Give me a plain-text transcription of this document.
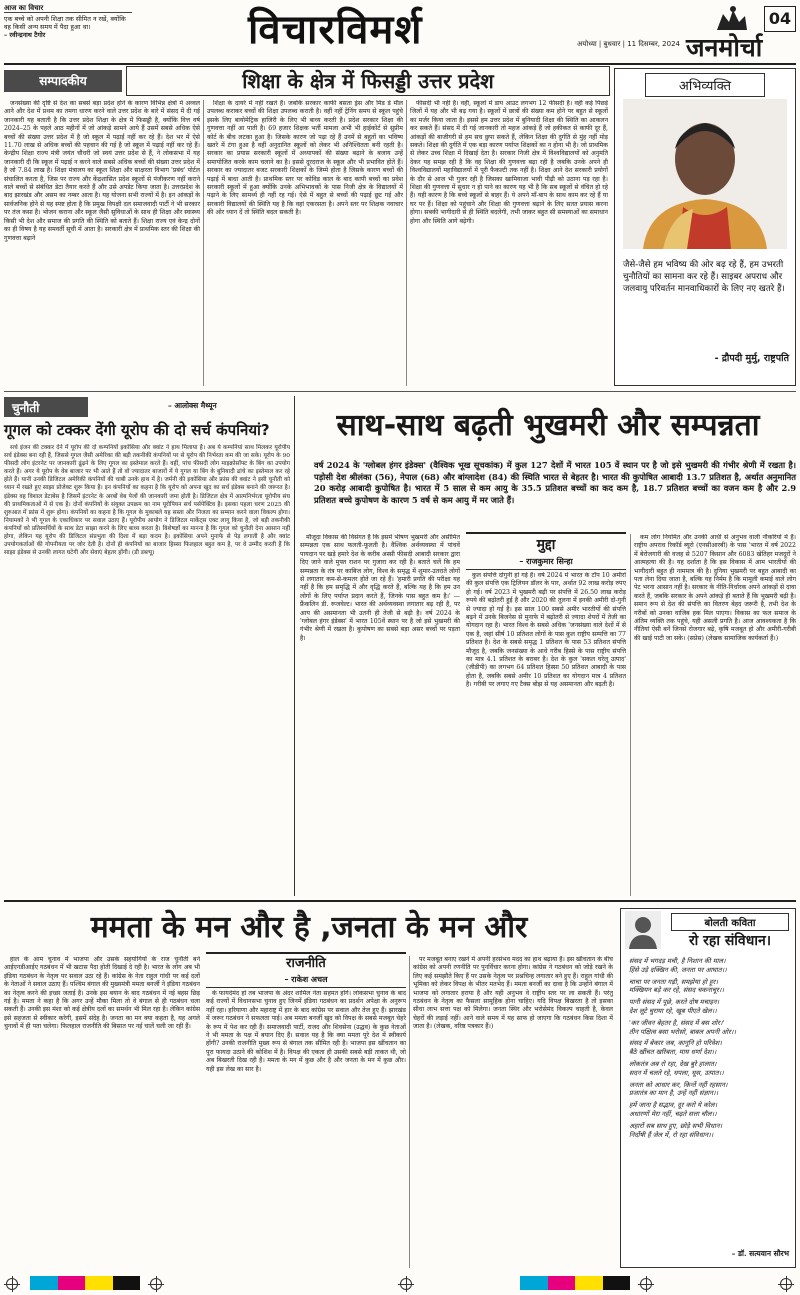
आज का विचार
एक बच्चे को अपनी शिक्षा तक सीमित न रखें, क्योंकि वह किसी अन्य समय में पैदा हुआ था।
– रवीन्द्रनाथ टैगोर	विचारविमर्श	04
अयोध्या | बुधवार | 11 दिसम्बर, 2024 जनमोर्चा
सम्पादकीय	शिक्षा के क्षेत्र में फिसड्डी उत्तर प्रदेश

जनसंख्या की दृष्टि से देश का सबसे बड़ा प्रदेश होने के कारण विभिन्न क्षेत्रों में अव्वल आने और देश में प्रथम का तमगा धारण करने वाले उत्तर प्रदेश के बारे में संसद में दी गई जानकारी यह बताती है कि उत्तर प्रदेश शिक्षा के क्षेत्र में फिसड्डी है, क्योंकि वित्त वर्ष 2024–25 के पहले आठ महीनों में जो आंकड़े सामने आये हैं उसमें सबसे अधिक ऐसे बच्चों की संख्या उत्तर प्रदेश में है जो स्कूल में पढ़ाई नहीं कर रहे हैं। देश भर में ऐसे 11.70 लाख से अधिक बच्चों की पहचान की गई है जो स्कूल में पढ़ाई नहीं कर रहे हैं। केन्द्रीय शिक्षा राज्य मंत्री जयंत चौधरी जो स्वयं उत्तर प्रदेश से हैं, ने लोकसभा में यह जानकारी दी कि स्कूल में पढ़ाई न करने वाले सबसे अधिक बच्चों की संख्या उत्तर प्रदेश में है जो 7.84 लाख है। शिक्षा मंत्रालय का स्कूल शिक्षा और साक्षरता विभाग 'प्रबंध' पोर्टल संचालित करता है, जिस पर राज्य और केंद्रशासित प्रदेश स्कूलों से पंजीकरण नहीं कराने वाले बच्चों से संबंधित डेटा तैयार करते हैं और उसे अपडेट किया जाता है। उत्तरप्रदेश के बाद झारखंड और असम का नम्बर आता है। यह योजना सभी राज्यों में है। इन आंकड़ों के सार्वजनिक होने से यह स्पष्ट होता है कि प्रमुख विपक्षी दल समाजवादी पार्टी ने भी सरकार पर तंज कसा है। भोजन कराना और स्कूल जैसी सुविधाओं के साथ ही शिक्षा और स्वास्थ्य किसी भी देश और समाज की प्रगति की स्थिति को बताते हैं। शिक्षा राज्य एवं केन्द्र दोनों का ही विषय है यह समवर्ती सूची में आता है। सरकारी क्षेत्र में प्राथमिक स्तर की शिक्षा की गुणवत्ता बढ़ाने

शिक्षा के दायरे में नहीं रखते हैं। जबकि सरकार काफी बसता ड्रेस और मिड डे मील उपलब्ध कराकर बच्चों की शिक्षा उपलब्ध कराती है। वहीं नहीं ट्रेनिंग समय से स्कूल पहुंचे इसके लिए बायोमेट्रिक हाजिरी के लिए भी बाध्य करती है। प्रदेश सरकार शिक्षा की गुणवत्ता नहीं आ पाती है। 69 हजार शिक्षक भर्ती मामला अभी भी हाईकोर्ट से सुप्रीम कोर्ट के बीच लटका हुआ है। जिसके कारण जो पढ़ा रहे हैं उनमें से बहुतों का भविष्य खतरे में टंगा हुआ है वहीं अनुदानित स्कूलों को लेकर भी अनिश्चितता बनी रहती है। सरकार का प्रयास सरकारी स्कूलों में अध्यापकों की संख्या बढ़ाने के बजाय उन्हें समायोजित करके काम चलाने का है। इससे दूरदराज के स्कूल और भी प्रभावित होते हैं। सरकार का ज्यादातर बजट सरकारी शिक्षकों के जिम्मे होता है जिसके कारण बच्चों की पढ़ाई में बाधा आती है। प्राथमिक स्तर पर कोविड काल के बाद कापी बच्चों का प्रवेश सरकारी स्कूलों में हुआ क्योंकि उनके अभिभावकों के पास निजी क्षेत्र के विद्यालयों में पढ़ाने के लिए सामर्थ्य ही नहीं रह गई। ऐसे में बहुत से बच्चों की पढ़ाई छूट गई और सरकारी विद्यालयों की स्थिति यह है कि वहां एकरसता है। अपने स्तर पर शिक्षक नवाचार की ओर ध्यान दें तो स्थिति बदल सकती है।

फीसदी भी नहीं है। वहीं, स्कूलों में डाय आउट लगभग 12 फीसदी है। वहीं कई पिछड़े जिलों में यह और भी बढ़ गया है। स्कूलों में छात्रों की संख्या कम होने पर बहुत से स्कूलों का मर्जर किया जाता है। इससे हम उत्तर प्रदेश में बुनियादी शिक्षा की स्थिति का आकलन कर सकते हैं। संसद में दी गई जानकारी तो महज आंकड़े हैं जो हकीकत से काफी दूर हैं, आंकड़ों की बाजीगरी से हम सच छुपा सकते हैं, लेकिन शिक्षा की दुर्गति से मुंह नहीं मोड़ सकते। शिक्षा की दुर्गति में एक बड़ा कारण पर्याप्त शिक्षकों का न होना भी है। जो प्राथमिक से लेकर उच्च शिक्षा में दिखाई देता है। सरकार निजी क्षेत्र में विश्वविद्यालयों को अनुमति देकर यह समझ रही है कि वह शिक्षा की गुणवत्ता बढ़ा रही है जबकि उनके अपने ही विश्वविद्यालयों महाविद्यालयों में पूरी फैकल्टी तक नहीं है। शिक्षा आने देश सरकारी प्रयोगों के दौर से आज भी गुजर रही है जिसका खामियाजा भावी पीढ़ी को उठाना पड़ रहा है। शिक्षा की गुणवत्ता में सुधार न हो पाने का कारण यह भी है कि सब स्कूलों से वंचित हो रहे हैं। यही कारण है कि बच्चे स्कूलों से बाहर हैं। ये अपने माँ-बाप के साथ काम कर रहे हैं या घर पर हैं। शिक्षा को पहुंचाने और शिक्षा की गुणवत्ता बढ़ाने के लिए सतत प्रयास करना होगा। सबकी भागीदारी से ही स्थिति बदलेगी, तभी जाकर बहुत सी समस्याओं का समाधान होगा और स्थिति आगे बढ़ेगी।

अभिव्यक्ति
जैसे-जैसे हम भविष्य की ओर बढ़ रहे हैं, हम उभरती चुनौतियों का सामना कर रहे हैं। साइबर अपराध और जलवायु परिवर्तन मानवाधिकारों के लिए नए खतरे हैं।
- द्रौपदी मुर्मु, राष्ट्रपति
चुनौती	– आलोक्स मैथ्यून
गूगल को टक्कर देंगी यूरोप की दो सर्च कंपनियां?

सर्च इंजन की टक्कर देने में यूरोप की दो कम्पनियों इकोसिया और क्वांट ने हाथ मिलाया है। अब ये कम्पनियां साथ मिलकर यूरोपीय सर्च इंडेक्स बना रही हैं, जिससे गूगल जैसी अमेरिका की बड़ी तकनीकी कंपनियों पर से यूरोप की निर्भरता कम की जा सके। यूरोप के 90 फीसदी लोग इंटरनेट पर जानकारी ढूंढ़ने के लिए गूगल का इस्तेमाल करते हैं। वहीं, पांच फीसदी लोग माइक्रोसॉफ्ट के बिंग का उपयोग करते हैं। अगर ये यूरोप के वेब बाजार पर भी आते हैं तो वो ज्यादातर बाजारों में ये गूगल या बिंग के बुनियादी ढांचे का इस्तेमाल कर रहे होते हैं। यानी उनकी डिजिटल अमेरिकी कंपनियों की चाबी उनके हाथ में है। जर्मनी की इकोसिया और फ्रांस की क्वांट ने इसी चुनौती को ध्यान में रखते हुए साझा प्रोजेक्ट शुरू किया है। इन कंपनियों का कहना है कि यूरोप को अपना खुद का सर्च इंडेक्स बनाने की जरूरत है। इंडेक्स वह विशाल डेटाबेस है जिसमें इंटरनेट के अरबों वेब पेजों की जानकारी जमा होती है। डिजिटल क्षेत्र में आत्मनिर्भरता यूरोपीय संघ की प्राथमिकताओं में से एक है। दोनों कंपनियों के संयुक्त उपक्रम का नाम यूरोपियन सर्च पर्सपेक्टिव है। इसका पहला चरण 2025 की शुरुआत में फ्रांस में शुरू होगा। कंपनियों का कहना है कि गूगल के मुकाबले यह सस्ता और निजता का सम्मान करने वाला विकल्प होगा। नियामकों ने भी गूगल के एकाधिकार पर सवाल उठाए हैं। यूरोपीय आयोग ने डिजिटल मार्केट्स एक्ट लागू किया है, जो बड़ी तकनीकी कंपनियों को प्रतिस्पर्धियों के साथ डेटा साझा करने के लिए बाध्य करता है। विशेषज्ञों का मानना है कि गूगल को चुनौती देना आसान नहीं होगा, लेकिन यह यूरोप की डिजिटल संप्रभुता की दिशा में बड़ा कदम है। इकोसिया अपने मुनाफे से पेड़ लगाती है और क्वांट उपयोगकर्ताओं की गोपनीयता पर जोर देती है। दोनों ही कंपनियों का बाजार हिस्सा फिलहाल बहुत कम है, पर वे उम्मीद करती हैं कि साझा इंडेक्स से उनकी लागत घटेगी और सेवाएं बेहतर होंगी। (डी डब्ल्यू)

साथ-साथ बढ़ती भुखमरी और सम्पन्नता
वर्ष 2024 के 'ग्लोबल हंगर इंडेक्स' (वैश्विक भूख सूचकांक) में कुल 127 देशों में भारत 105 वें स्थान पर है जो इसे भुखमरी की गंभीर श्रेणी में रखता है। पड़ोसी देश श्रीलंका (56), नेपाल (68) और बांग्लादेश (84) की स्थिति भारत से बेहतर है। भारत की कुपोषित आबादी 13.7 प्रतिशत है, अर्थात अनुमानित 20 करोड़ आबादी कुपोषित है। भारत में 5 साल से कम आयु के 35.5 प्रतिशत बच्चों का कद कम है, 18.7 प्रतिशत बच्चों का वजन कम है और 2.9 प्रतिशत बच्चे कुपोषण के कारण 5 वर्ष से कम आयु में मर जाते हैं।

मौजूदा विकास की विसंगत है कि इसमें भीषण भुखमरी और असीमित सम्पन्नता एक साथ फलती-फूलती है। वैश्विक अर्थव्यवस्था में पांचवें पायदान पर खड़े हमारे देश के करीब अस्सी फीसदी आबादी सरकार द्वारा दिए जाने वाले मुफ्त राशन पर गुजारा कर रही है। बताते चलें कि हम सम्पन्नता के तंत्र पर काबिज लोग, विश्व के समृद्ध में शुमार-उतराते लोगों से लगातार कम-से-कमतर होते जा रहे हैं। 'हमारी प्रगति की परीक्षा यह नहीं है कि हम समृद्धि में और वृद्धि करते हैं, बल्कि यह है कि हम उन लोगों के लिए पर्याप्त प्रदान करते हैं, जिनके पास बहुत कम है।' — फ्रैंकलिन डी. रूजवेल्ट। भारत की अर्थव्यवस्था लगातार बढ़ रही है, पर आय की असमानता भी उतनी ही तेजी से बढ़ी है। वर्ष 2024 के 'ग्लोबल हंगर इंडेक्स' में भारत 105वें स्थान पर है जो इसे भुखमरी की गंभीर श्रेणी में रखता है। कुपोषण का सबसे बड़ा असर बच्चों पर पड़ता है।

मुद्दा
– राजकुमार सिन्हा

कुल संपत्ति दोगुनी हो गई है। वर्ष 2024 में भारत के टॉप 10 अमीरों की कुल संपत्ति एक ट्रिलियन डॉलर के पार, अर्थात 92 लाख करोड़ रुपए हो गई। वर्ष 2023 में भुखमरी बढ़ी पर संपत्ति में 26.50 लाख करोड़ रुपये की बढ़ोतरी हुई है और 2020 की तुलना में इनकी अमीरी दो-गुनी से ज्यादा हो गई है। इस साल 100 सबसे अमीर भारतीयों की संपत्ति बढ़ने में उनके बिजनेस से मुनाफे में बढ़ोतरी से ज्यादा शेयरों में तेजी का योगदान रहा है। भारत विश्व के सबसे अधिक 'जनसंख्या वाले देशों में से एक है, जहां सीर्ष 10 प्रतिशत लोगों के पास कुल राष्ट्रीय सम्पत्ति का 77 प्रतिशत है। देश के सबसे समृद्ध 1 प्रतिशत के पास 53 प्रतिशत संपत्ति मौजूद है, जबकि जनसंख्या के आधे गरीब हिस्से के पास राष्ट्रीय संपत्ति का मात्र 4.1 प्रतिशत के बराबर है। देश के कुल 'सकल घरेलू उत्पाद' (जीडीपी) का लगभग 64 प्रतिशत हिस्सा 50 प्रतिशत आबादी के पास होता है, जबकि सबसे अमीर 10 प्रतिशत का योगदान मात्र 4 प्रतिशत है। गरीबी पर लगाए गए टैक्स बोझ से यह असमानता और बढ़ती है।

कम लोग नियमित और उनकी आधी से अनुभव वाली नौकरियों में हैं। राष्ट्रीय अपराध रिकॉर्ड ब्यूरो (एनसीआरबी) के पास 'भारत में वर्ष 2022 में बेरोजगारी की वजह से 5207 किसान और 6083 खेतिहर मजदूरों ने आत्महत्या की है। यह दर्शाता है कि इस विकास में आम भारतीयों की भागीदारी बहुत ही नाममात्र की है। दुनिया भुखमरी पर बहुत आबादी का पता लेना दिया जाता है, बल्कि यह निर्मम है कि मामूली कमाई वाले लोग पेट भरना आसान नहीं है। सरकार के नीति-निर्धारक अपने आंकड़ों से दावा करते हैं, जबकि सरकार के अपने आंकड़े ही बताते हैं कि भुखमरी बढ़ी है। समान रूप से देश की संपत्ति का वितरण बेहद जरूरी है, तभी देश के गरीबों को उनका वाजिब हक मिल पाएगा। विकास का फल समाज के अंतिम व्यक्ति तक पहुंचे, यही असली प्रगति है। आज आवश्यकता है कि नीतियां ऐसी बनें जिनसे रोजगार बढ़े, कृषि मजबूत हो और अमीरी-गरीबी की खाई पाटी जा सके। (सप्रेस) (लेखक सामाजिक कार्यकर्ता हैं।)

ममता के मन और है ,जनता के मन और

हाल के आम चुनाव में भाजपा और उसके सहयोगियों के राज चुनौती बने आईएनडीआईए गठबंधन में भी खटास पैदा होती दिखाई दे रही है। भारत के लोग अब भी इंडिया गठबंधन के नेतृत्व पर सवाल उठा रहे हैं। कांग्रेस के नेता राहुल गांधी पर कई दलों के नेताओं ने सवाल उठाए हैं। पश्चिम बंगाल की मुख्यमंत्री ममता बनर्जी ने इंडिया गठबंधन का नेतृत्व करने की इच्छा जताई है। उनके इस बयान के बाद गठबंधन में नई बहस छिड़ गई है। ममता ने कहा है कि अगर उन्हें मौका मिला तो वे बंगाल से ही गठबंधन चला सकती हैं। उनकी इस मंशा को कई क्षेत्रीय दलों का समर्थन भी मिल रहा है। लेकिन कांग्रेस इसे सहजता से स्वीकार करेगी, इसमें संदेह है। जनता का मन क्या कहता है, यह अगले चुनावों में ही पता चलेगा। फिलहाल राजनीति की बिसात पर नई चालें चली जा रही हैं।

राजनीति
– राकेश अचल

के फायदेमंद हो तब भाजपा के अंदर शामिल नेता सहमत होंगे। लोकसभा चुनाव के बाद कई राज्यों में विधानसभा चुनाव हुए जिनमें इंडिया गठबंधन का प्रदर्शन अपेक्षा के अनुरूप नहीं रहा। हरियाणा और महाराष्ट्र में हार के बाद कांग्रेस पर सवाल और तेज हुए हैं। झारखंड में जरूर गठबंधन ने सफलता पाई। अब ममता बनर्जी खुद को विपक्ष के सबसे मजबूत चेहरे के रूप में पेश कर रही हैं। समाजवादी पार्टी, राजद और शिवसेना (उद्धव) के कुछ नेताओं ने भी ममता के पक्ष में बयान दिए हैं। सवाल यह है कि क्या ममता पूरे देश में स्वीकार्य होंगी? उनकी राजनीति मुख्य रूप से बंगाल तक सीमित रही है। भाजपा इस खींचतान का पूरा फायदा उठाने की कोशिश में है। विपक्ष की एकता ही उसकी सबसे बड़ी ताकत थी, जो अब बिखरती दिख रही है। ममता के मन में कुछ और है और जनता के मन में कुछ और। यही इस लेख का सार है।

पर मजबूत बनाए रखने में अपनी हरसंभव मदद का हाथ बढ़ाया है। इस खींचतान के बीच कांग्रेस को अपनी रणनीति पर पुनर्विचार करना होगा। कांग्रेस ने गठबंधन को जोड़े रखने के लिए कई समझौते किए हैं पर उसके नेतृत्व पर प्रश्नचिन्ह लगातार बने हुए हैं। राहुल गांधी की भूमिका को लेकर विपक्ष के भीतर मतभेद हैं। ममता बनर्जी का दावा है कि उन्होंने बंगाल में भाजपा को लगातार हराया है और यही अनुभव वे राष्ट्रीय स्तर पर ला सकती हैं। परंतु गठबंधन के नेतृत्व का फैसला सामूहिक होना चाहिए। यदि विपक्ष बिखरता है तो इसका सीधा लाभ सत्ता पक्ष को मिलेगा। जनता स्थिर और भरोसेमंद विकल्प चाहती है, केवल चेहरों की लड़ाई नहीं। आने वाले समय में यह साफ हो जाएगा कि गठबंधन किस दिशा में जाता है। (लेखक, वरिष्ठ पत्रकार हैं।)

बोलती कविता
रो रहा संविधान।
संसद में भगदड़ मची, है निशान की माल।
हिंसे उड़े दक्खिन की, जनता पर आघात।।
चाचा पर जनता गढ़ी, समझेया हो हूर।
मक्खियन बड़े कर रहे, संसद चकनाचूर।।
पानी संसद में पूछे, करते दोष मचाइन।
देश लूटे चुराया रहे, खूब पीएते खेल।।
'कर जीवन बेहतर है, संसद में बस शोर।'
तीन पक्षित्व बसा भरोसो, बाबल अपनी ओर।।
संसद में बेकार जब, कानूनि हो परिवेश।
बैठे खींचत खरिबता, माघ धर्णा देश।।
लोकतंत्र अब रो रहा, देख बुरे हालात।
सदन में चलते रहे, घपला, घूस, उत्पात।।
जनता को आधार कर, किन्तें नहीं रहसान।
प्रजातंत्र का मान है, उन्हें नहीं संज्ञान।।
हमें जाना है सद्भाव, दूर करो ये कोल।
अधारणों मेरा नहीं, चढ़ते सत्ता चौल।।
अहारों सब साथ हुए, छोड़े सभी विधान।
निर्दोषी हैं जेल में, रो रहा संविधान।।
– डॉ. सत्यवान सौरभ
